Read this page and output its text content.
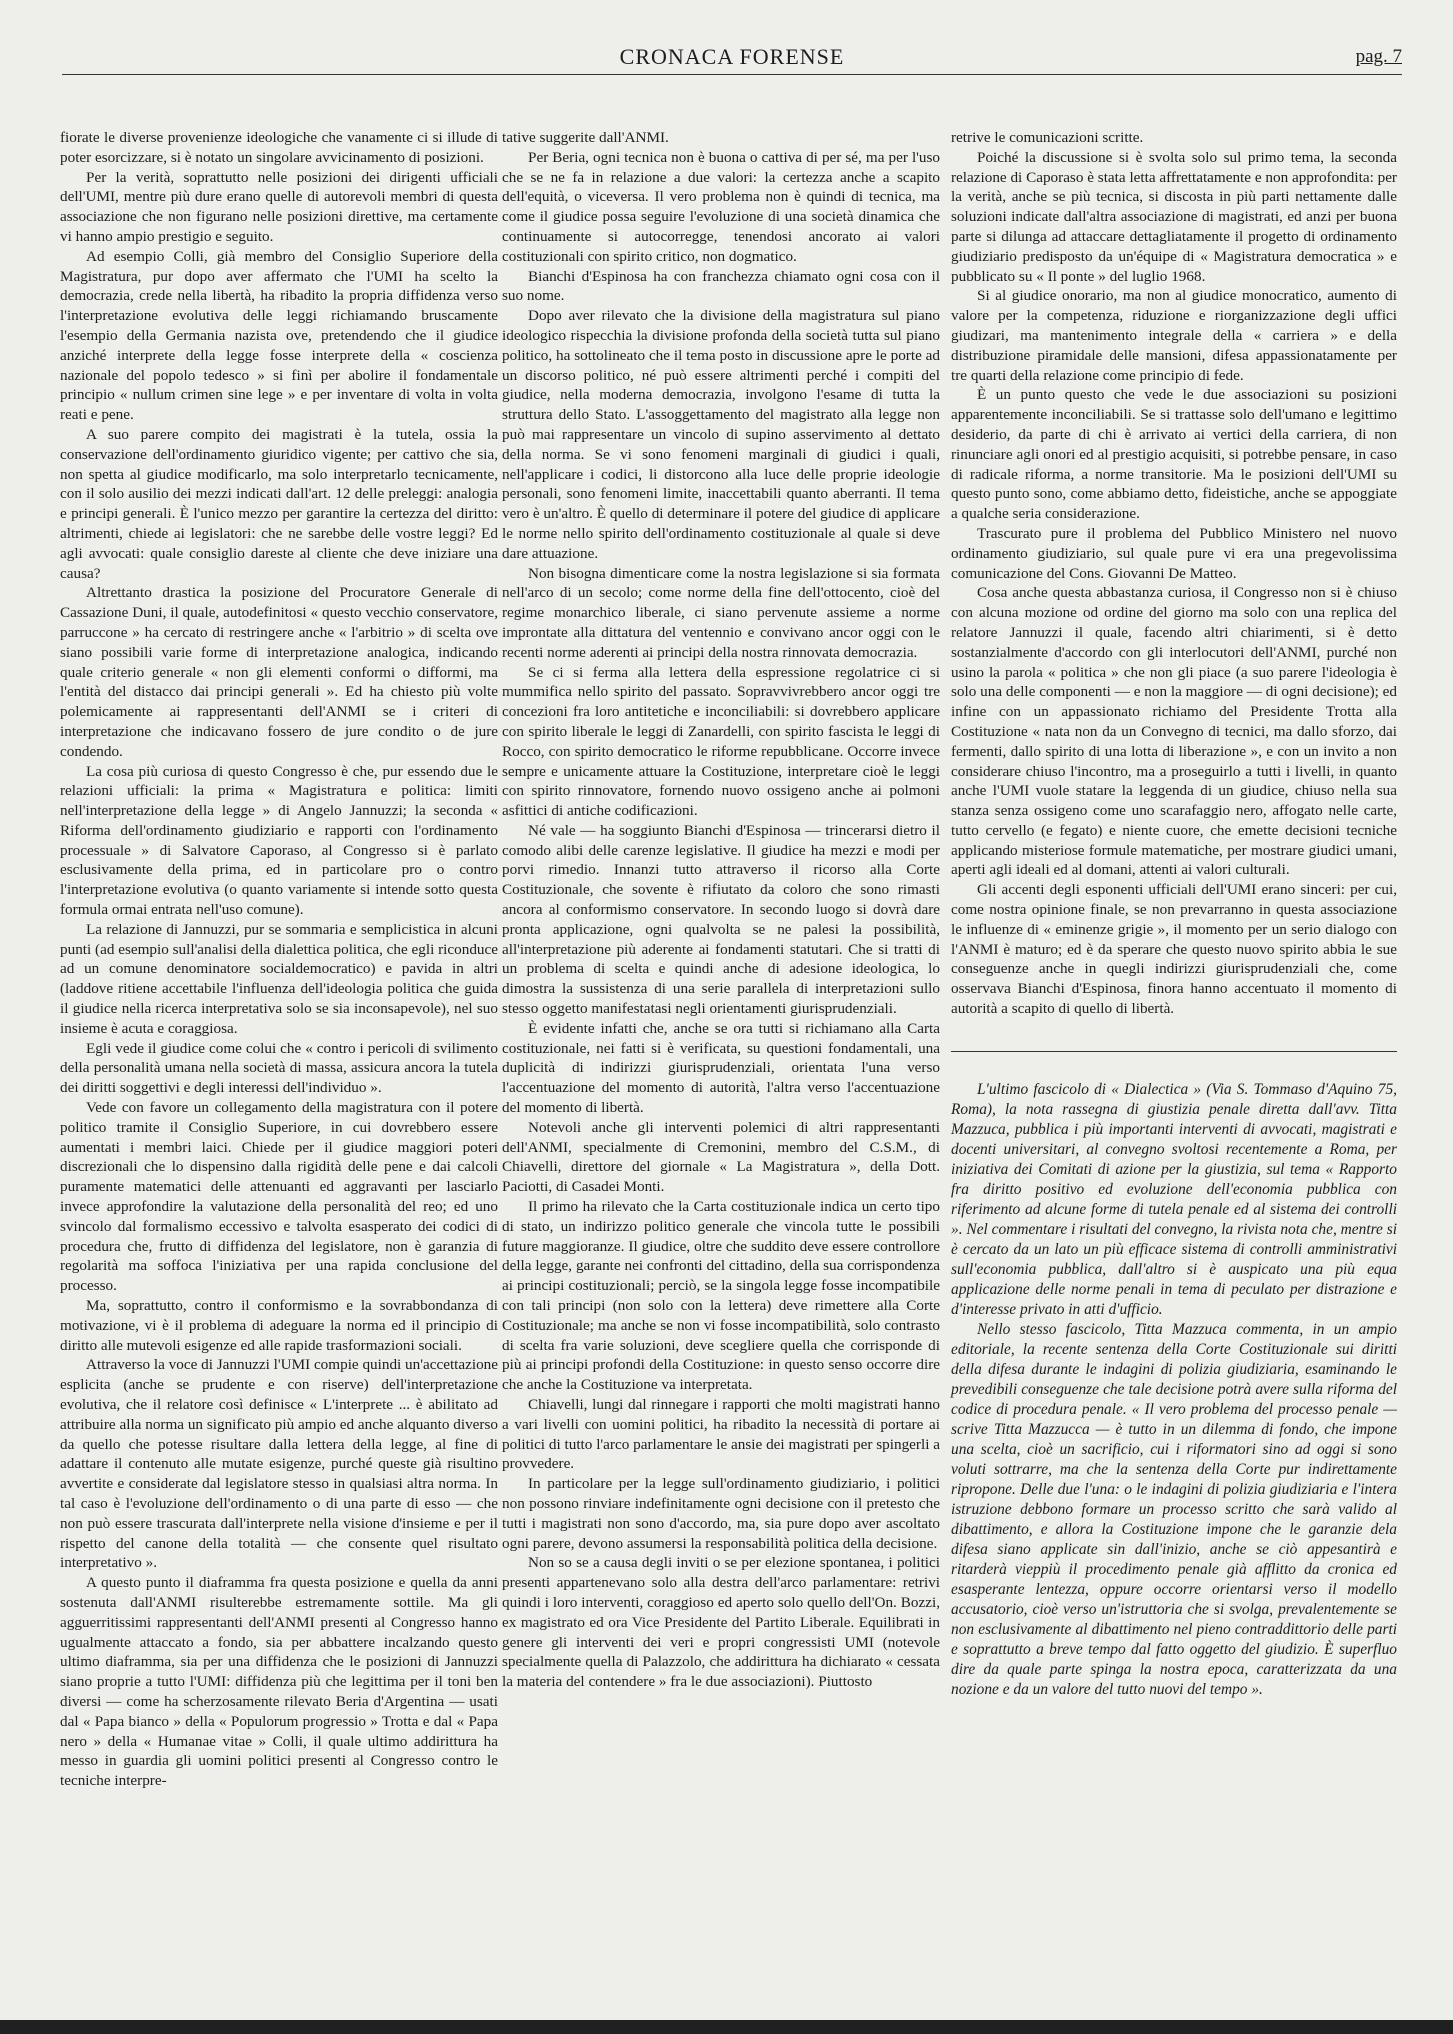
CRONACA FORENSE	pag. 7

fiorate le diverse provenienze ideologiche che vanamente ci si illude di poter esorcizzare, si è notato un singolare avvicinamento di posizioni.

Per la verità, soprattutto nelle posizioni dei dirigenti ufficiali dell'UMI, mentre più dure erano quelle di autorevoli membri di questa associazione che non figurano nelle posizioni direttive, ma certamente vi hanno ampio prestigio e seguito.

Ad esempio Colli, già membro del Consiglio Superiore della Magistratura, pur dopo aver affermato che l'UMI ha scelto la democrazia, crede nella libertà, ha ribadito la propria diffidenza verso l'interpretazione evolutiva delle leggi richiamando bruscamente l'esempio della Germania nazista ove, pretendendo che il giudice anziché interprete della legge fosse interprete della « coscienza nazionale del popolo tedesco » si finì per abolire il fondamentale principio « nullum crimen sine lege » e per inventare di volta in volta reati e pene.

A suo parere compito dei magistrati è la tutela, ossia la conservazione dell'ordinamento giuridico vigente; per cattivo che sia, non spetta al giudice modificarlo, ma solo interpretarlo tecnicamente, con il solo ausilio dei mezzi indicati dall'art. 12 delle preleggi: analogia e principi generali. È l'unico mezzo per garantire la certezza del diritto: altrimenti, chiede ai legislatori: che ne sarebbe delle vostre leggi? Ed agli avvocati: quale consiglio dareste al cliente che deve iniziare una causa?

Altrettanto drastica la posizione del Procuratore Generale di Cassazione Duni, il quale, autodefinitosi « questo vecchio conservatore, parruccone » ha cercato di restringere anche « l'arbitrio » di scelta ove siano possibili varie forme di interpretazione analogica, indicando quale criterio generale « non gli elementi conformi o difformi, ma l'entità del distacco dai principi generali ». Ed ha chiesto più volte polemicamente ai rappresentanti dell'ANMI se i criteri di interpretazione che indicavano fossero de jure condito o de jure condendo.

La cosa più curiosa di questo Congresso è che, pur essendo due le relazioni ufficiali: la prima « Magistratura e politica: limiti nell'interpretazione della legge » di Angelo Jannuzzi; la seconda « Riforma dell'ordinamento giudiziario e rapporti con l'ordinamento processuale » di Salvatore Caporaso, al Congresso si è parlato esclusivamente della prima, ed in particolare pro o contro l'interpretazione evolutiva (o quanto variamente si intende sotto questa formula ormai entrata nell'uso comune).

La relazione di Jannuzzi, pur se sommaria e semplicistica in alcuni punti (ad esempio sull'analisi della dialettica politica, che egli riconduce ad un comune denominatore socialdemocratico) e pavida in altri (laddove ritiene accettabile l'influenza dell'ideologia politica che guida il giudice nella ricerca interpretativa solo se sia inconsapevole), nel suo insieme è acuta e coraggiosa.

Egli vede il giudice come colui che « contro i pericoli di svilimento della personalità umana nella società di massa, assicura ancora la tutela dei diritti soggettivi e degli interessi dell'individuo ».

Vede con favore un collegamento della magistratura con il potere politico tramite il Consiglio Superiore, in cui dovrebbero essere aumentati i membri laici. Chiede per il giudice maggiori poteri discrezionali che lo dispensino dalla rigidità delle pene e dai calcoli puramente matematici delle attenuanti ed aggravanti per lasciarlo invece approfondire la valutazione della personalità del reo; ed uno svincolo dal formalismo eccessivo e talvolta esasperato dei codici di procedura che, frutto di diffidenza del legislatore, non è garanzia di regolarità ma soffoca l'iniziativa per una rapida conclusione del processo.

Ma, soprattutto, contro il conformismo e la sovrabbondanza di motivazione, vi è il problema di adeguare la norma ed il principio di diritto alle mutevoli esigenze ed alle rapide trasformazioni sociali.

Attraverso la voce di Jannuzzi l'UMI compie quindi un'accettazione esplicita (anche se prudente e con riserve) dell'interpretazione evolutiva, che il relatore così definisce « L'interprete ... è abilitato ad attribuire alla norma un significato più ampio ed anche alquanto diverso da quello che potesse risultare dalla lettera della legge, al fine di adattare il contenuto alle mutate esigenze, purché queste già risultino avvertite e considerate dal legislatore stesso in qualsiasi altra norma. In tal caso è l'evoluzione dell'ordinamento o di una parte di esso — che non può essere trascurata dall'interprete nella visione d'insieme e per il rispetto del canone della totalità — che consente quel risultato interpretativo ».

A questo punto il diaframma fra questa posizione e quella da anni sostenuta dall'ANMI risulterebbe estremamente sottile. Ma gli agguerritissimi rappresentanti dell'ANMI presenti al Congresso hanno ugualmente attaccato a fondo, sia per abbattere incalzando questo ultimo diaframma, sia per una diffidenza che le posizioni di Jannuzzi siano proprie a tutto l'UMI: diffidenza più che legittima per il toni ben diversi — come ha scherzosamente rilevato Beria d'Argentina — usati dal « Papa bianco » della « Populorum progressio » Trotta e dal « Papa nero » della « Humanae vitae » Colli, il quale ultimo addirittura ha messo in guardia gli uomini politici presenti al Congresso contro le tecniche interpre-

tative suggerite dall'ANMI.

Per Beria, ogni tecnica non è buona o cattiva di per sé, ma per l'uso che se ne fa in relazione a due valori: la certezza anche a scapito dell'equità, o viceversa. Il vero problema non è quindi di tecnica, ma come il giudice possa seguire l'evoluzione di una società dinamica che continuamente si autocorregge, tenendosi ancorato ai valori costituzionali con spirito critico, non dogmatico.

Bianchi d'Espinosa ha con franchezza chiamato ogni cosa con il suo nome.

Dopo aver rilevato che la divisione della magistratura sul piano ideologico rispecchia la divisione profonda della società tutta sul piano politico, ha sottolineato che il tema posto in discussione apre le porte ad un discorso politico, né può essere altrimenti perché i compiti del giudice, nella moderna democrazia, involgono l'esame di tutta la struttura dello Stato. L'assoggettamento del magistrato alla legge non può mai rappresentare un vincolo di supino asservimento al dettato della norma. Se vi sono fenomeni marginali di giudici i quali, nell'applicare i codici, li distorcono alla luce delle proprie ideologie personali, sono fenomeni limite, inaccettabili quanto aberranti. Il tema vero è un'altro. È quello di determinare il potere del giudice di applicare le norme nello spirito dell'ordinamento costituzionale al quale si deve dare attuazione.

Non bisogna dimenticare come la nostra legislazione si sia formata nell'arco di un secolo; come norme della fine dell'ottocento, cioè del regime monarchico liberale, ci siano pervenute assieme a norme improntate alla dittatura del ventennio e convivano ancor oggi con le recenti norme aderenti ai principi della nostra rinnovata democrazia.

Se ci si ferma alla lettera della espressione regolatrice ci si mummifica nello spirito del passato. Sopravvivrebbero ancor oggi tre concezioni fra loro antitetiche e inconciliabili: si dovrebbero applicare con spirito liberale le leggi di Zanardelli, con spirito fascista le leggi di Rocco, con spirito democratico le riforme repubblicane. Occorre invece sempre e unicamente attuare la Costituzione, interpretare cioè le leggi con spirito rinnovatore, fornendo nuovo ossigeno anche ai polmoni asfittici di antiche codificazioni.

Né vale — ha soggiunto Bianchi d'Espinosa — trincerarsi dietro il comodo alibi delle carenze legislative. Il giudice ha mezzi e modi per porvi rimedio. Innanzi tutto attraverso il ricorso alla Corte Costituzionale, che sovente è rifiutato da coloro che sono rimasti ancora al conformismo conservatore. In secondo luogo si dovrà dare pronta applicazione, ogni qualvolta se ne palesi la possibilità, all'interpretazione più aderente ai fondamenti statutari. Che si tratti di un problema di scelta e quindi anche di adesione ideologica, lo dimostra la sussistenza di una serie parallela di interpretazioni sullo stesso oggetto manifestatasi negli orientamenti giurisprudenziali.

È evidente infatti che, anche se ora tutti si richiamano alla Carta costituzionale, nei fatti si è verificata, su questioni fondamentali, una duplicità di indirizzi giurisprudenziali, orientata l'una verso l'accentuazione del momento di autorità, l'altra verso l'accentuazione del momento di libertà.

Notevoli anche gli interventi polemici di altri rappresentanti dell'ANMI, specialmente di Cremonini, membro del C.S.M., di Chiavelli, direttore del giornale « La Magistratura », della Dott. Paciotti, di Casadei Monti.

Il primo ha rilevato che la Carta costituzionale indica un certo tipo di stato, un indirizzo politico generale che vincola tutte le possibili future maggioranze. Il giudice, oltre che suddito deve essere controllore della legge, garante nei confronti del cittadino, della sua corrispondenza ai principi costituzionali; perciò, se la singola legge fosse incompatibile con tali principi (non solo con la lettera) deve rimettere alla Corte Costituzionale; ma anche se non vi fosse incompatibilità, solo contrasto di scelta fra varie soluzioni, deve scegliere quella che corrisponde di più ai principi profondi della Costituzione: in questo senso occorre dire che anche la Costituzione va interpretata.

Chiavelli, lungi dal rinnegare i rapporti che molti magistrati hanno a vari livelli con uomini politici, ha ribadito la necessità di portare ai politici di tutto l'arco parlamentare le ansie dei magistrati per spingerli a provvedere.

In particolare per la legge sull'ordinamento giudiziario, i politici non possono rinviare indefinitamente ogni decisione con il pretesto che tutti i magistrati non sono d'accordo, ma, sia pure dopo aver ascoltato ogni parere, devono assumersi la responsabilità politica della decisione.

Non so se a causa degli inviti o se per elezione spontanea, i politici presenti appartenevano solo alla destra dell'arco parlamentare: retrivi quindi i loro interventi, coraggioso ed aperto solo quello dell'On. Bozzi, ex magistrato ed ora Vice Presidente del Partito Liberale. Equilibrati in genere gli interventi dei veri e propri congressisti UMI (notevole specialmente quella di Palazzolo, che addirittura ha dichiarato « cessata la materia del contendere » fra le due associazioni). Piuttosto

retrive le comunicazioni scritte.

Poiché la discussione si è svolta solo sul primo tema, la seconda relazione di Caporaso è stata letta affrettatamente e non approfondita: per la verità, anche se più tecnica, si discosta in più parti nettamente dalle soluzioni indicate dall'altra associazione di magistrati, ed anzi per buona parte si dilunga ad attaccare dettagliatamente il progetto di ordinamento giudiziario predisposto da un'équipe di « Magistratura democratica » e pubblicato su « Il ponte » del luglio 1968.

Si al giudice onorario, ma non al giudice monocratico, aumento di valore per la competenza, riduzione e riorganizzazione degli uffici giudizari, ma mantenimento integrale della « carriera » e della distribuzione piramidale delle mansioni, difesa appassionatamente per tre quarti della relazione come principio di fede.

È un punto questo che vede le due associazioni su posizioni apparentemente inconciliabili. Se si trattasse solo dell'umano e legittimo desiderio, da parte di chi è arrivato ai vertici della carriera, di non rinunciare agli onori ed al prestigio acquisiti, si potrebbe pensare, in caso di radicale riforma, a norme transitorie. Ma le posizioni dell'UMI su questo punto sono, come abbiamo detto, fideistiche, anche se appoggiate a qualche seria considerazione.

Trascurato pure il problema del Pubblico Ministero nel nuovo ordinamento giudiziario, sul quale pure vi era una pregevolissima comunicazione del Cons. Giovanni De Matteo.

Cosa anche questa abbastanza curiosa, il Congresso non si è chiuso con alcuna mozione od ordine del giorno ma solo con una replica del relatore Jannuzzi il quale, facendo altri chiarimenti, si è detto sostanzialmente d'accordo con gli interlocutori dell'ANMI, purché non usino la parola « politica » che non gli piace (a suo parere l'ideologia è solo una delle componenti — e non la maggiore — di ogni decisione); ed infine con un appassionato richiamo del Presidente Trotta alla Costituzione « nata non da un Convegno di tecnici, ma dallo sforzo, dai fermenti, dallo spirito di una lotta di liberazione », e con un invito a non considerare chiuso l'incontro, ma a proseguirlo a tutti i livelli, in quanto anche l'UMI vuole statare la leggenda di un giudice, chiuso nella sua stanza senza ossigeno come uno scarafaggio nero, affogato nelle carte, tutto cervello (e fegato) e niente cuore, che emette decisioni tecniche applicando misteriose formule matematiche, per mostrare giudici umani, aperti agli ideali ed al domani, attenti ai valori culturali.

Gli accenti degli esponenti ufficiali dell'UMI erano sinceri: per cui, come nostra opinione finale, se non prevarranno in questa associazione le influenze di « eminenze grigie », il momento per un serio dialogo con l'ANMI è maturo; ed è da sperare che questo nuovo spirito abbia le sue conseguenze anche in quegli indirizzi giurisprudenziali che, come osservava Bianchi d'Espinosa, finora hanno accentuato il momento di autorità a scapito di quello di libertà.

L'ultimo fascicolo di « Dialectica » (Via S. Tommaso d'Aquino 75, Roma), la nota rassegna di giustizia penale diretta dall'avv. Titta Mazzuca, pubblica i più importanti interventi di avvocati, magistrati e docenti universitari, al convegno svoltosi recentemente a Roma, per iniziativa dei Comitati di azione per la giustizia, sul tema « Rapporto fra diritto positivo ed evoluzione dell'economia pubblica con riferimento ad alcune forme di tutela penale ed al sistema dei controlli ». Nel commentare i risultati del convegno, la rivista nota che, mentre si è cercato da un lato un più efficace sistema di controlli amministrativi sull'economia pubblica, dall'altro si è auspicato una più equa applicazione delle norme penali in tema di peculato per distrazione e d'interesse privato in atti d'ufficio.

Nello stesso fascicolo, Titta Mazzuca commenta, in un ampio editoriale, la recente sentenza della Corte Costituzionale sui diritti della difesa durante le indagini di polizia giudiziaria, esaminando le prevedibili conseguenze che tale decisione potrà avere sulla riforma del codice di procedura penale. « Il vero problema del processo penale — scrive Titta Mazzucca — è tutto in un dilemma di fondo, che impone una scelta, cioè un sacrificio, cui i riformatori sino ad oggi si sono voluti sottrarre, ma che la sentenza della Corte pur indirettamente ripropone. Delle due l'una: o le indagini di polizia giudiziaria e l'intera istruzione debbono formare un processo scritto che sarà valido al dibattimento, e allora la Costituzione impone che le garanzie dela difesa siano applicate sin dall'inizio, anche se ciò appesantirà e ritarderà vieppiù il procedimento penale già afflitto da cronica ed esasperante lentezza, oppure occorre orientarsi verso il modello accusatorio, cioè verso un'istruttoria che si svolga, prevalentemente se non esclusivamente al dibattimento nel pieno contraddittorio delle parti e soprattutto a breve tempo dal fatto oggetto del giudizio. È superfluo dire da quale parte spinga la nostra epoca, caratterizzata da una nozione e da un valore del tutto nuovi del tempo ».
